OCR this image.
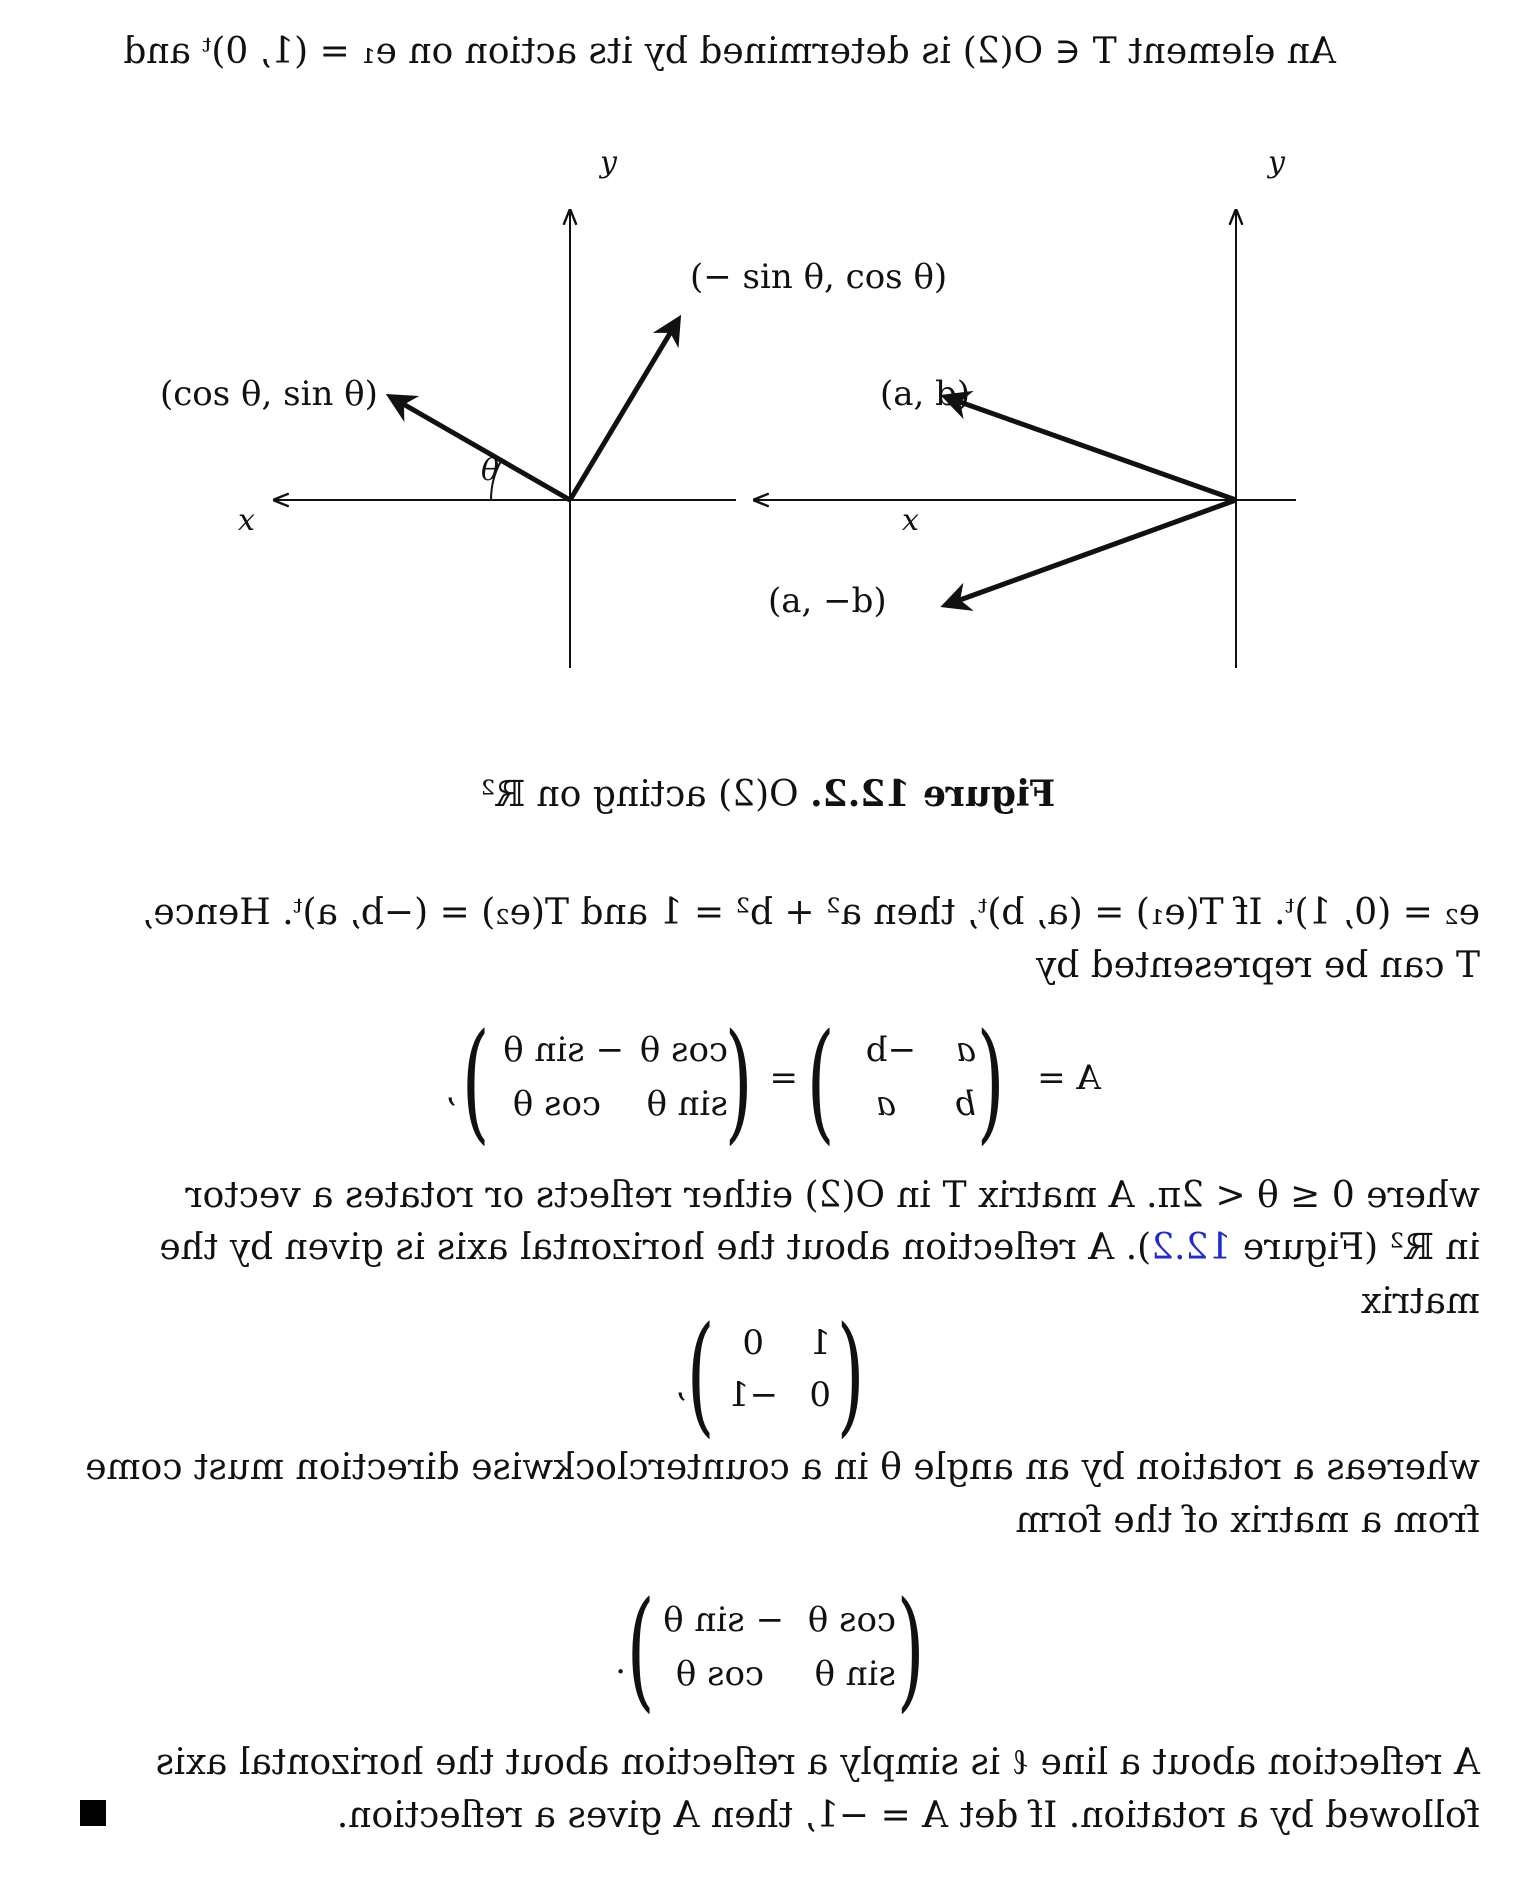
An element T ∈ O(2) is determined by its action on e₁ = (1, 0)ᵗ and
x
y
(a, b)
(a, −b)
x
y
(cos θ, sin θ)
(− sin θ, cos θ)
θ
Figure 12.2. O(2) acting on ℝ²
e₂ = (0, 1)ᵗ. If T(e₁) = (a, b)ᵗ, then a² + b² = 1 and T(e₂) = (−b, a)ᵗ. Hence,
T can be represented by
A =
(
a
−b
b
a
)
=
(
cos θ
− sin θ
sin θ
cos θ
)
,
where 0 ≤ θ < 2π. A matrix T in O(2) either reflects or rotates a vector
in ℝ² (Figure 12.2). A reflection about the horizontal axis is given by the
matrix
(
1
0
0
−1
)
,
whereas a rotation by an angle θ in a counterclockwise direction must come
from a matrix of the form
(
cos θ
− sin θ
sin θ
cos θ
)
.
A reflection about a line ℓ is simply a reflection about the horizontal axis
followed by a rotation. If det A = −1, then A gives a reflection.
